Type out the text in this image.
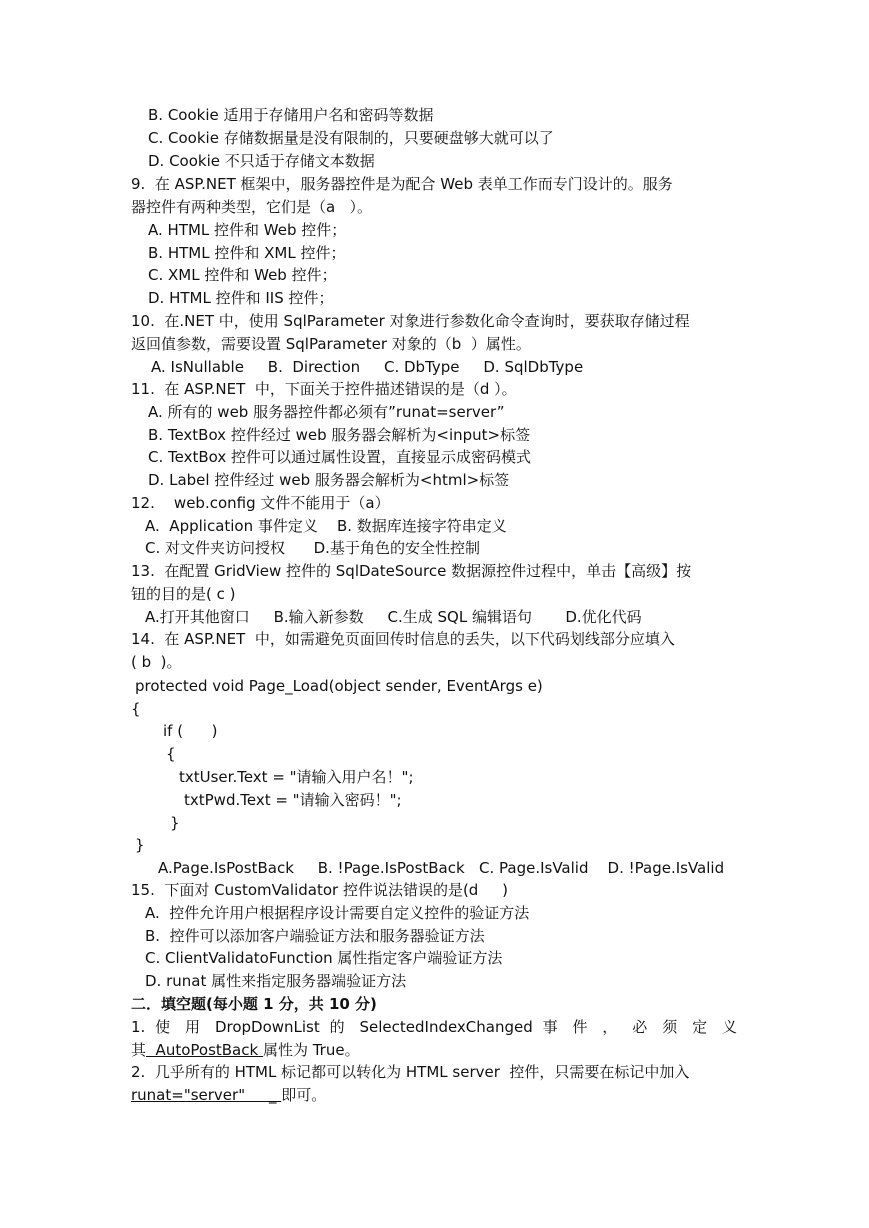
B. Cookie 适用于存储用户名和密码等数据
C. Cookie 存储数据量是没有限制的，只要硬盘够大就可以了
D. Cookie 不只适于存储文本数据
9.  在 ASP.NET 框架中，服务器控件是为配合 Web 表单工作而专门设计的。服务
器控件有两种类型，它们是（a   ）。
A. HTML 控件和 Web 控件；
B. HTML 控件和 XML 控件；
C. XML 控件和 Web 控件；
D. HTML 控件和 IIS 控件；
10.  在.NET 中，使用 SqlParameter 对象进行参数化命令查询时，要获取存储过程
返回值参数，需要设置 SqlParameter 对象的（b  ）属性。
A. IsNullable     B.  Direction     C. DbType     D. SqlDbType
11.  在 ASP.NET  中，下面关于控件描述错误的是（d ）。
A. 所有的 web 服务器控件都必须有”runat=server”
B. TextBox 控件经过 web 服务器会解析为<input>标签
C. TextBox 控件可以通过属性设置，直接显示成密码模式
D. Label 控件经过 web 服务器会解析为<html>标签
12.    web.config 文件不能用于（a）
A.  Application 事件定义    B. 数据库连接字符串定义
C. 对文件夹访问授权      D.基于角色的安全性控制
13.  在配置 GridView 控件的 SqlDateSource 数据源控件过程中，单击【高级】按
钮的目的是( c )
A.打开其他窗口     B.输入新参数     C.生成 SQL 编辑语句       D.优化代码
14.  在 ASP.NET  中，如需避免页面回传时信息的丢失，以下代码划线部分应填入
( b  )。
protected void Page_Load(object sender, EventArgs e)
{
if (      )
{
txtUser.Text = "请输入用户名！";
txtPwd.Text = "请输入密码！";
}
}
A.Page.IsPostBack     B. !Page.IsPostBack   C. Page.IsValid    D. !Page.IsValid
15.  下面对 CustomValidator 控件说法错误的是(d     )
A.  控件允许用户根据程序设计需要自定义控件的验证方法
B.  控件可以添加客户端验证方法和服务器验证方法
C. ClientValidatoFunction 属性指定客户端验证方法
D. runat 属性来指定服务器端验证方法
二．填空题(每小题 1 分，共 10 分)
1. 使 用 DropDownList 的 SelectedIndexChanged 事 件 ， 必 须 定 义
其  AutoPostBack 属性为 True。
2.  几乎所有的 HTML 标记都可以转化为 HTML server  控件，只需要在标记中加入
runat="server"     _ 即可。
